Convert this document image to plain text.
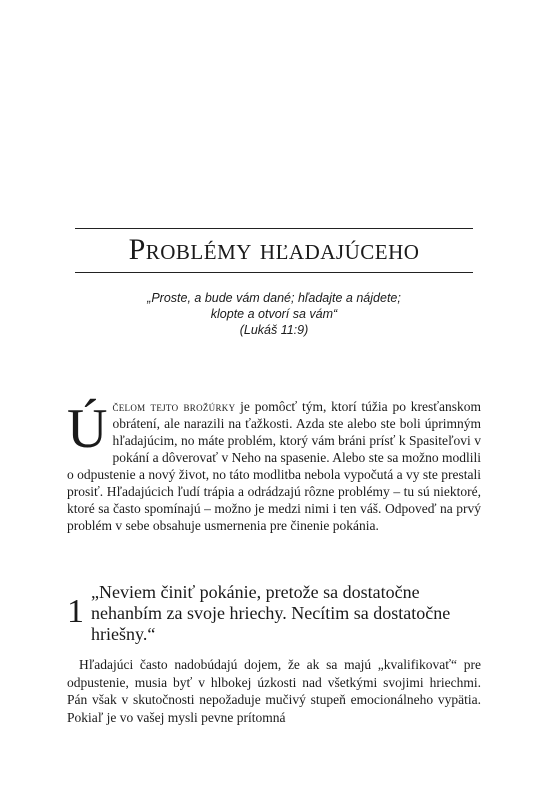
Problémy hľadajúceho
„Proste, a bude vám dané; hľadajte a nájdete;
klopte a otvorí sa vám“
(Lukáš 11:9)
Účelom tejto brožúrky je pomôcť tým, ktorí túžia po kresťanskom obrátení, ale narazili na ťažkosti. Azda ste alebo ste boli úprimným hľadajúcim, no máte problém, ktorý vám bráni prísť k Spasiteľovi v pokání a dôverovať v Neho na spasenie. Alebo ste sa možno modlili o odpustenie a nový život, no táto modlitba nebola vypočutá a vy ste prestali prosiť. Hľadajúcich ľudí trápia a odrádzajú rôzne problémy – tu sú niektoré, ktoré sa často spomínajú – možno je medzi nimi i ten váš. Odpoveď na prvý problém v sebe obsahuje usmernenia pre činenie pokánia.
1
„Neviem činiť pokánie, pretože sa dostatočne nehanbím za svoje hriechy. Necítim sa dostatočne hriešny.“
Hľadajúci často nadobúdajú dojem, že ak sa majú „kvalifikovať“ pre odpustenie, musia byť v hlbokej úzkosti nad všetkými svojimi hriechmi. Pán však v skutočnosti nepožaduje mučivý stupeň emocionálneho vypätia. Pokiaľ je vo vašej mysli pevne prítomná
